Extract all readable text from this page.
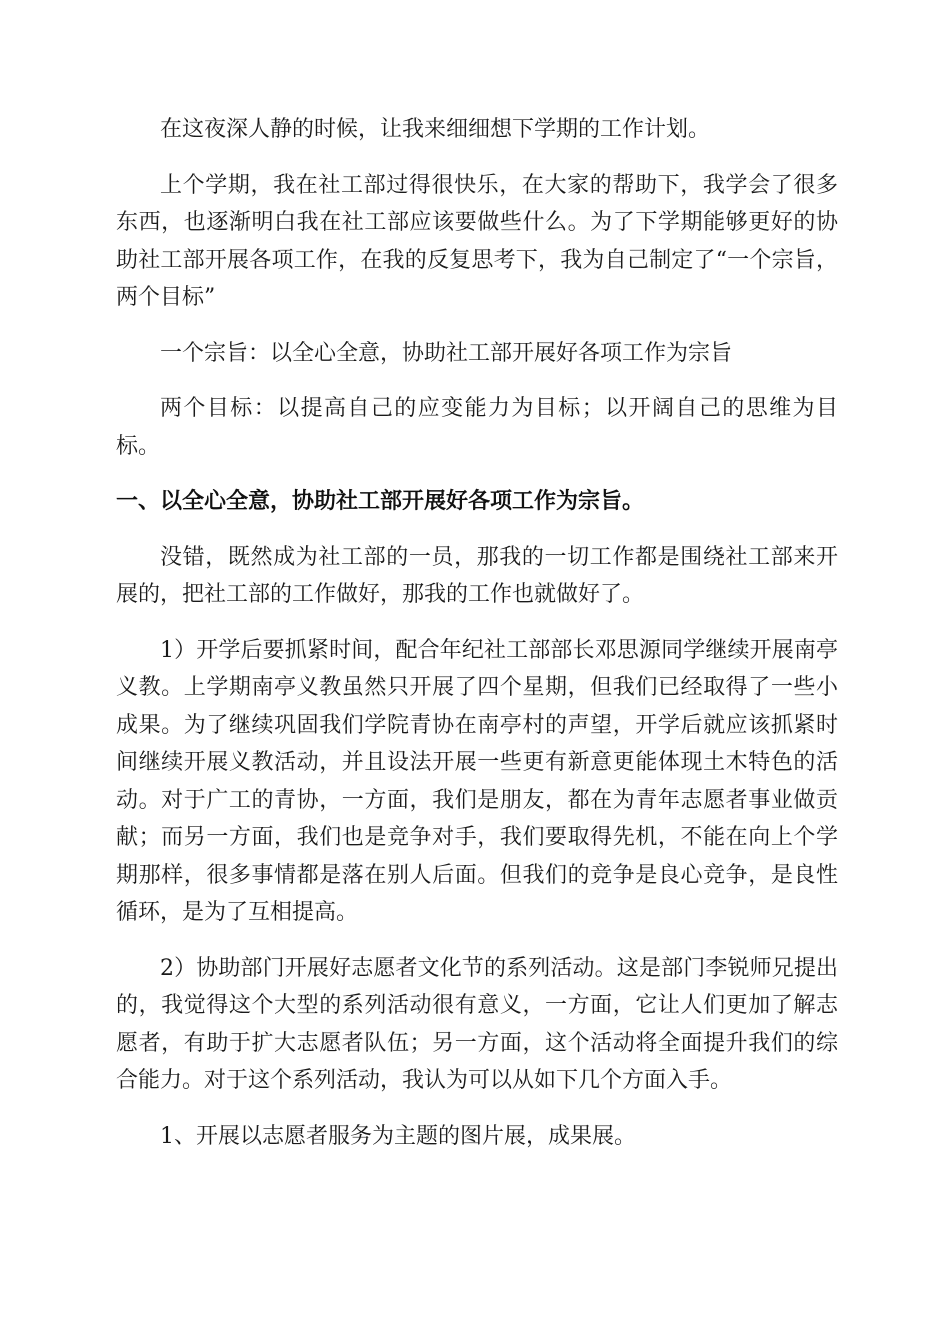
在这夜深人静的时候，让我来细细想下学期的工作计划。

上个学期，我在社工部过得很快乐，在大家的帮助下，我学会了很多东西，也逐渐明白我在社工部应该要做些什么。为了下学期能够更好的协助社工部开展各项工作，在我的反复思考下，我为自己制定了“一个宗旨，两个目标”

一个宗旨：以全心全意，协助社工部开展好各项工作为宗旨

两个目标：以提高自己的应变能力为目标；以开阔自己的思维为目标。

一、以全心全意，协助社工部开展好各项工作为宗旨。

没错，既然成为社工部的一员，那我的一切工作都是围绕社工部来开展的，把社工部的工作做好，那我的工作也就做好了。

1）开学后要抓紧时间，配合年纪社工部部长邓思源同学继续开展南亭义教。上学期南亭义教虽然只开展了四个星期，但我们已经取得了一些小成果。为了继续巩固我们学院青协在南亭村的声望，开学后就应该抓紧时间继续开展义教活动，并且设法开展一些更有新意更能体现土木特色的活动。对于广工的青协，一方面，我们是朋友，都在为青年志愿者事业做贡献；而另一方面，我们也是竞争对手，我们要取得先机，不能在向上个学期那样，很多事情都是落在别人后面。但我们的竞争是良心竞争，是良性循环，是为了互相提高。

2）协助部门开展好志愿者文化节的系列活动。这是部门李锐师兄提出的，我觉得这个大型的系列活动很有意义，一方面，它让人们更加了解志愿者，有助于扩大志愿者队伍；另一方面，这个活动将全面提升我们的综合能力。对于这个系列活动，我认为可以从如下几个方面入手。

1、开展以志愿者服务为主题的图片展，成果展。
